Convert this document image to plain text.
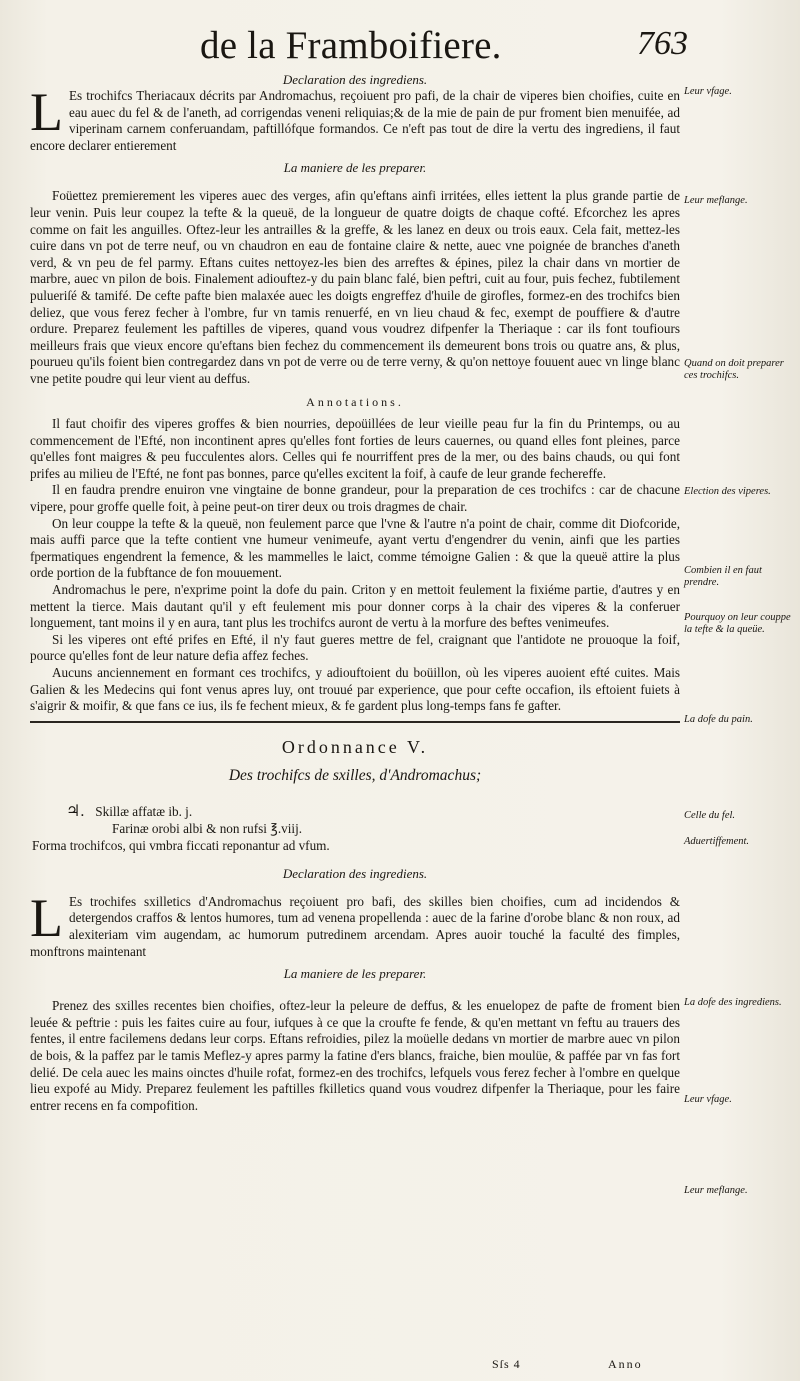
de la Framboifiere.	763

Declaration des ingrediens.

L Es trochifcs Theriacaux décrits par Andromachus, reçoiuent pro pafi, de la chair de viperes bien choifies, cuite en eau auec du fel & de l'aneth, ad corrigendas veneni reliquias;& de la mie de pain de pur froment bien menuifée, ad viperinam carnem conferuandam, paftillófque formandos. Ce n'eft pas tout de dire la vertu des ingrediens, il faut encore declarer entierement

La maniere de les preparer.

Foüettez premierement les viperes auec des verges, afin qu'eftans ainfi irritées, elles iettent la plus grande partie de leur venin. Puis leur coupez la tefte & la queuë, de la longueur de quatre doigts de chaque cofté. Efcorchez les apres comme on fait les anguilles. Oftez-leur les antrailles & la greffe, & les lanez en deux ou trois eaux. Cela fait, mettez-les cuire dans vn pot de terre neuf, ou vn chaudron en eau de fontaine claire & nette, auec vne poignée de branches d'aneth verd, & vn peu de fel parmy. Eftans cuites nettoyez-les bien des arreftes & épines, pilez la chair dans vn mortier de marbre, auec vn pilon de bois. Finalement adiouftez-y du pain blanc falé, bien peftri, cuit au four, puis fechez, fubtilement pulueriſé & tamifé. De cefte pafte bien malaxée auec les doigts engreffez d'huile de girofles, formez-en des trochifcs bien deliez, que vous ferez fecher à l'ombre, fur vn tamis renuerfé, en vn lieu chaud & fec, exempt de pouffiere & d'autre ordure. Preparez feulement les paftilles de viperes, quand vous voudrez difpenfer la Theriaque : car ils font toufiours meilleurs frais que vieux encore qu'eftans bien fechez du commencement ils demeurent bons trois ou quatre ans, & plus, pourueu qu'ils foient bien contregardez dans vn pot de verre ou de terre verny, & qu'on nettoye fouuent auec vn linge blanc vne petite poudre qui leur vient au deffus.

Annotations.

Il faut choifir des viperes groffes & bien nourries, depoüillées de leur vieille peau fur la fin du Printemps, ou au commencement de l'Efté, non incontinent apres qu'elles font forties de leurs cauernes, ou quand elles font pleines, parce qu'elles font maigres & peu fucculentes alors. Celles qui fe nourriffent pres de la mer, ou des bains chauds, ou qui font prifes au milieu de l'Efté, ne font pas bonnes, parce qu'elles excitent la foif, à caufe de leur grande fechereffe.

Il en faudra prendre enuiron vne vingtaine de bonne grandeur, pour la preparation de ces trochifcs : car de chacune vipere, pour groffe quelle foit, à peine peut-on tirer deux ou trois dragmes de chair.

On leur couppe la tefte & la queuë, non feulement parce que l'vne & l'autre n'a point de chair, comme dit Diofcoride, mais auffi parce que la tefte contient vne humeur venimeufe, ayant vertu d'engendrer du venin, ainfi que les parties fpermatiques engendrent la femence, & les mammelles le laict, comme témoigne Galien : & que la queuë attire la plus orde portion de la fubftance de fon mouuement.

Andromachus le pere, n'exprime point la dofe du pain. Criton y en mettoit feulement la fixiéme partie, d'autres y en mettent la tierce. Mais dautant qu'il y eft feulement mis pour donner corps à la chair des viperes & la conferuer longuement, tant moins il y en aura, tant plus les trochifcs auront de vertu à la morfure des beftes venimeufes.

Si les viperes ont efté prifes en Efté, il n'y faut gueres mettre de fel, craignant que l'antidote ne prouoque la foif, pource qu'elles font de leur nature defia affez feches.

Aucuns anciennement en formant ces trochifcs, y adiouftoient du boüillon, où les viperes auoient efté cuites. Mais Galien & les Medecins qui font venus apres luy, ont trouué par experience, que pour cefte occafion, ils eftoient fuiets à s'aigrir & moifir, & que fans ce ius, ils fe fechent mieux, & fe gardent plus long-temps fans fe gafter.

Ordonnance V.

Des trochifcs de sxilles, d'Andromachus;

♃. Skillæ affatæ ib. j.

Farinæ orobi albi & non rufsi ℥.viij.

Forma trochifcos, qui vmbra ficcati reponantur ad vfum.

Declaration des ingrediens.

L Es trochifes sxilletics d'Andromachus reçoiuent pro bafi, des skilles bien choifies, cum ad incidendos & detergendos craffos & lentos humores, tum ad venena propellenda : auec de la farine d'orobe blanc & non roux, ad alexiteriam vim augendam, ac humorum putredinem arcendam. Apres auoir touché la faculté des fimples, monftrons maintenant

La maniere de les preparer.

Prenez des sxilles recentes bien choifies, oftez-leur la peleure de deffus, & les enuelopez de pafte de froment bien leuée & peftrie : puis les faites cuire au four, iufques à ce que la croufte fe fende, & qu'en mettant vn feftu au trauers des fentes, il entre facilemens dedans leur corps. Eftans refroidies, pilez la moüelle dedans vn mortier de marbre auec vn pilon de bois, & la paffez par le tamis Meflez-y apres parmy la fatine d'ers blancs, fraiche, bien moulüe, & paffée par vn fas fort delié. De cela auec les mains oinctes d'huile rofat, formez-en des trochifcs, lefquels vous ferez fecher à l'ombre en quelque lieu expofé au Midy. Preparez feulement les paftilles fkilletics quand vous voudrez difpenfer la Theriaque, pour les faire entrer recens en fa compofition.

Leur vfage.
Leur meflange.
Quand on doit preparer ces trochifcs.
Election des viperes.
Combien il en faut prendre.
Pourquoy on leur couppe la tefte & la queüe.
La dofe du pain.
Celle du fel.
Aduertiffement.
La dofe des ingrediens.
Leur vfage.
Leur meflange.
Sſs 4	Anno
